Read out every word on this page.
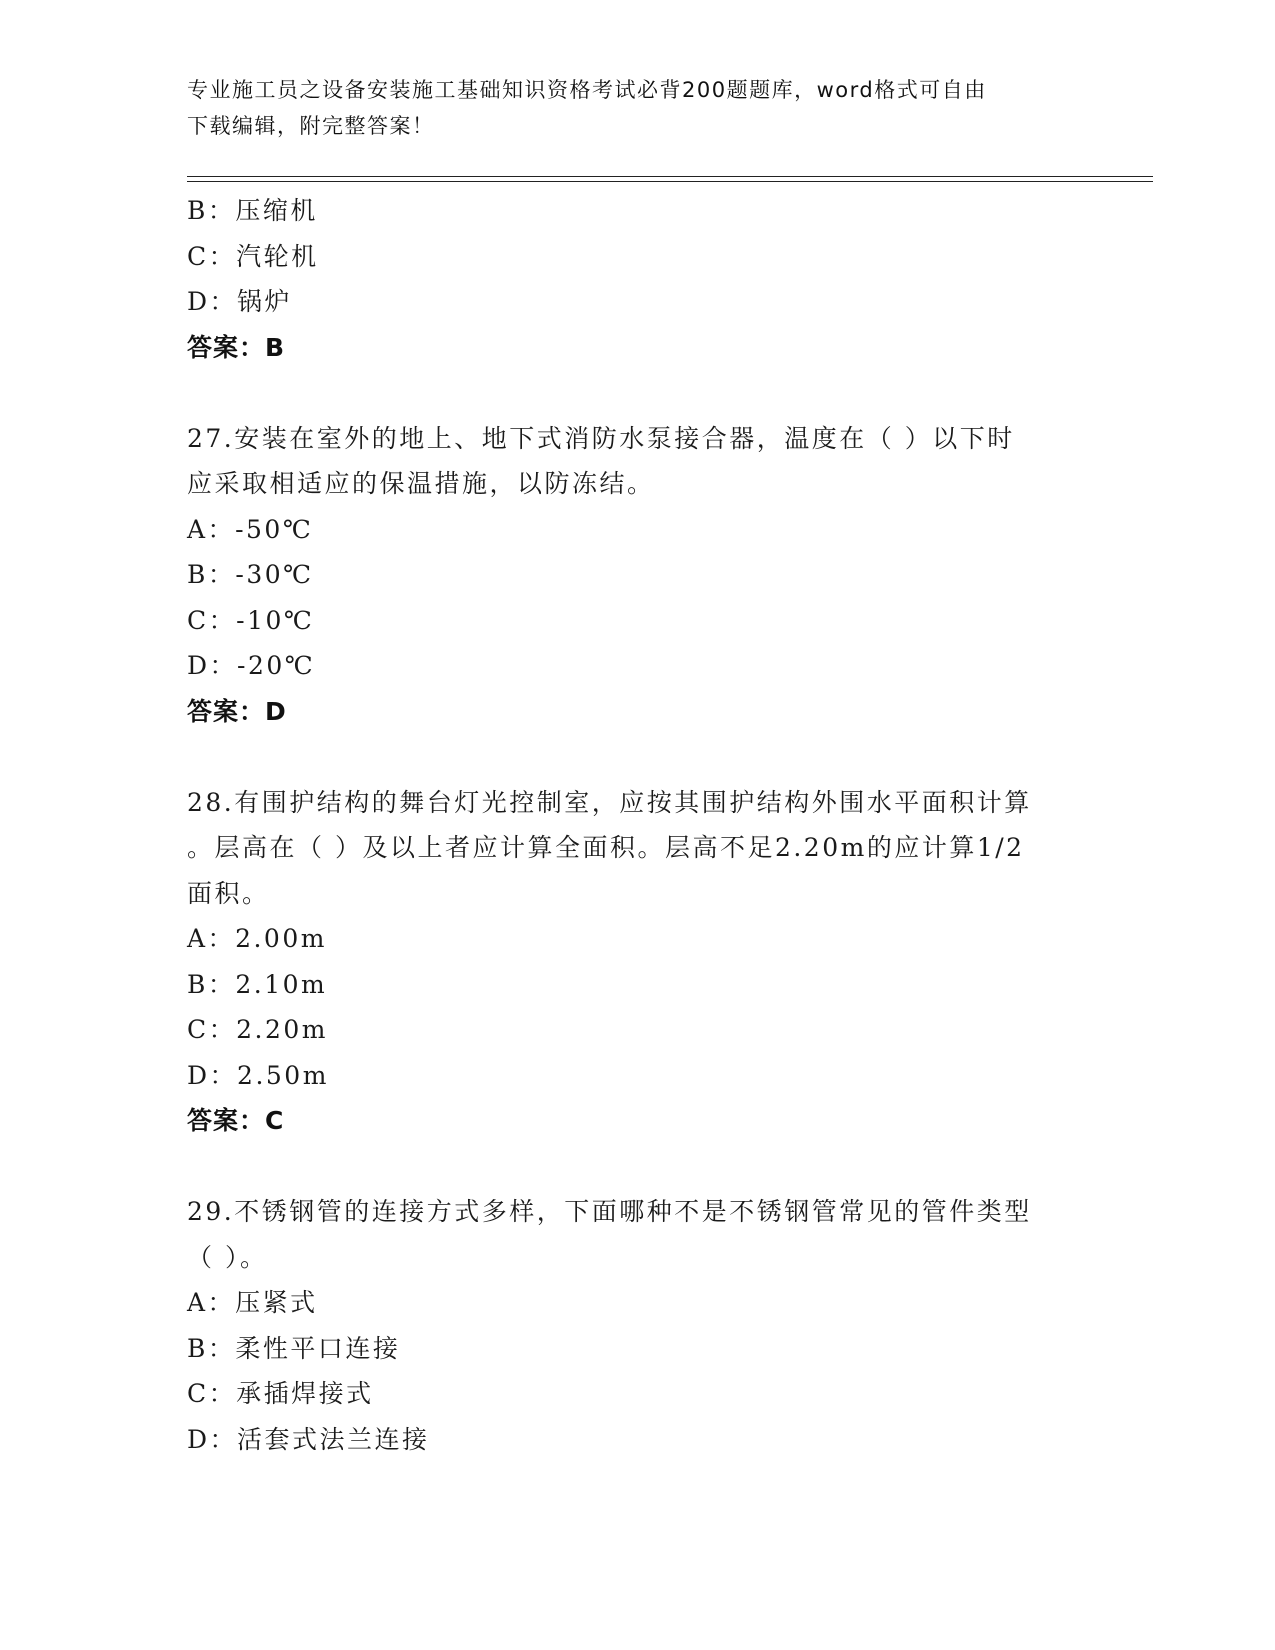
专业施工员之设备安装施工基础知识资格考试必背200题题库，word格式可自由
下载编辑，附完整答案！
B：压缩机
C：汽轮机
D：锅炉
答案：B
27.安装在室外的地上、地下式消防水泵接合器，温度在（ ）以下时
应采取相适应的保温措施，以防冻结。
A：-50℃
B：-30℃
C：-10℃
D：-20℃
答案：D
28.有围护结构的舞台灯光控制室，应按其围护结构外围水平面积计算
。层高在（ ）及以上者应计算全面积。层高不足2.20m的应计算1/2
面积。
A：2.00m
B：2.10m
C：2.20m
D：2.50m
答案：C
29.不锈钢管的连接方式多样，下面哪种不是不锈钢管常见的管件类型
（ ）。
A：压紧式
B：柔性平口连接
C：承插焊接式
D：活套式法兰连接
